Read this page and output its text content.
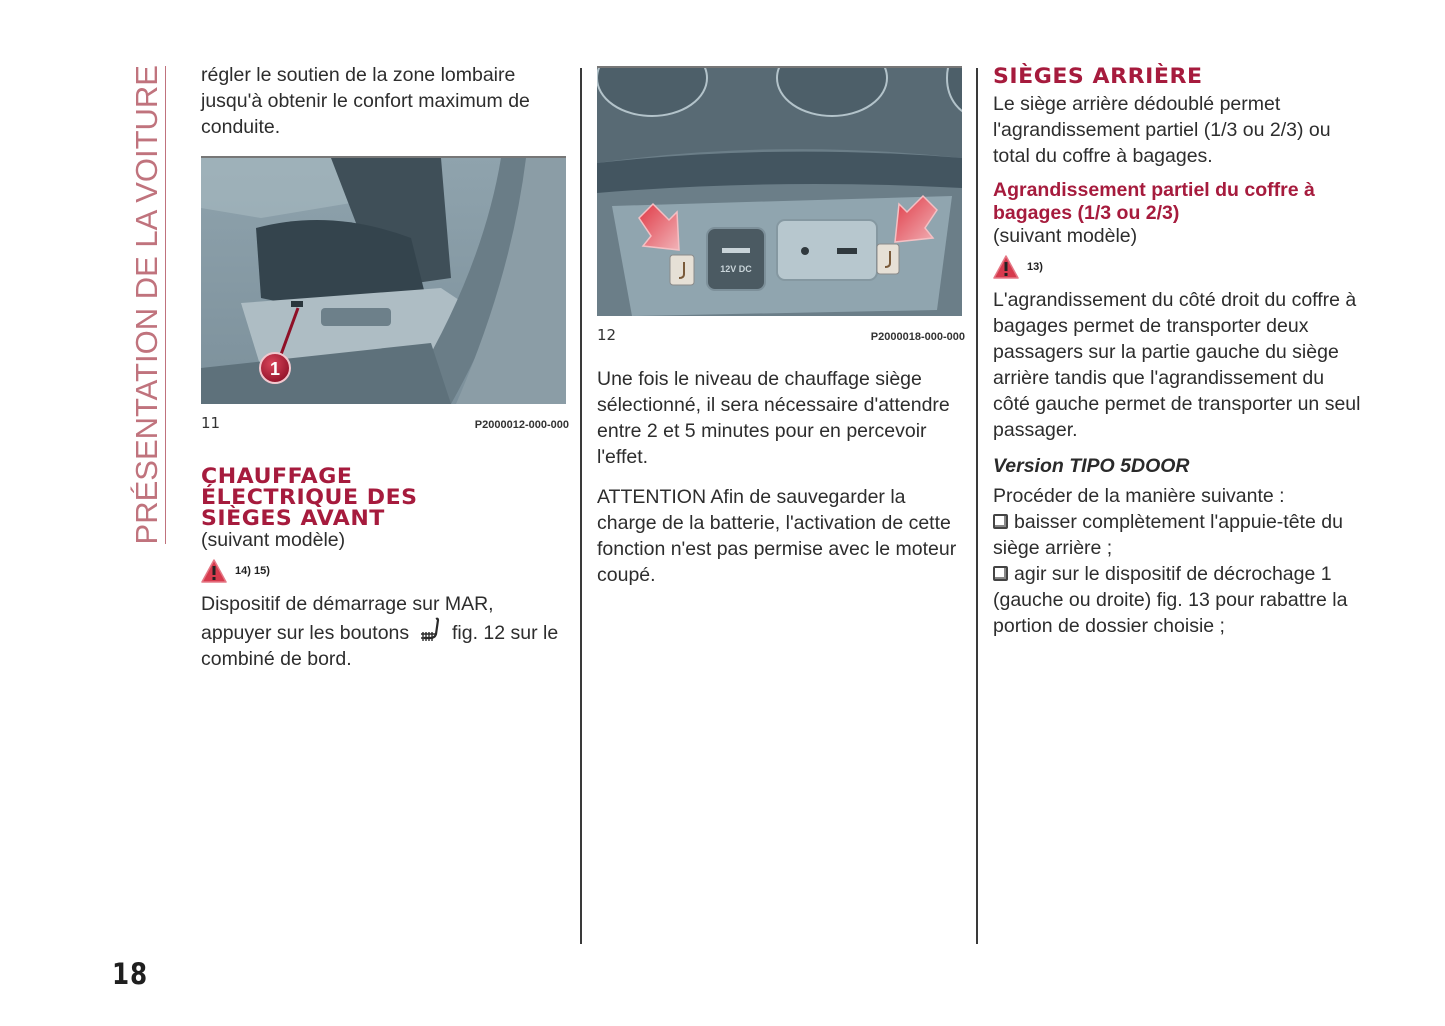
PRÉSENTATION DE LA VOITURE
18

régler le soutien de la zone lombaire jusqu'à obtenir le confort maximum de conduite.

1
11	P2000012-000-000
CHAUFFAGE
ÉLECTRIQUE DES
SIÈGES AVANT
(suivant modèle)
14) 15)

Dispositif de démarrage sur MAR, appuyer sur les boutons fig. 12 sur le combiné de bord.

12V DC
12	P2000018-000-000

Une fois le niveau de chauffage siège sélectionné, il sera nécessaire d'attendre entre 2 et 5 minutes pour en percevoir l'effet.

ATTENTION Afin de sauvegarder la charge de la batterie, l'activation de cette fonction n'est pas permise avec le moteur coupé.

SIÈGES ARRIÈRE

Le siège arrière dédoublé permet l'agrandissement partiel (1/3 ou 2/3) ou total du coffre à bagages.

Agrandissement partiel du coffre à bagages (1/3 ou 2/3)
(suivant modèle)
13)

L'agrandissement du côté droit du coffre à bagages permet de transporter deux passagers sur la partie gauche du siège arrière tandis que l'agrandissement du côté gauche permet de transporter un seul passager.

Version TIPO 5DOOR

Procéder de la manière suivante :

baisser complètement l'appuie-tête du siège arrière ;

agir sur le dispositif de décrochage 1 (gauche ou droite) fig. 13 pour rabattre la portion de dossier choisie ;
